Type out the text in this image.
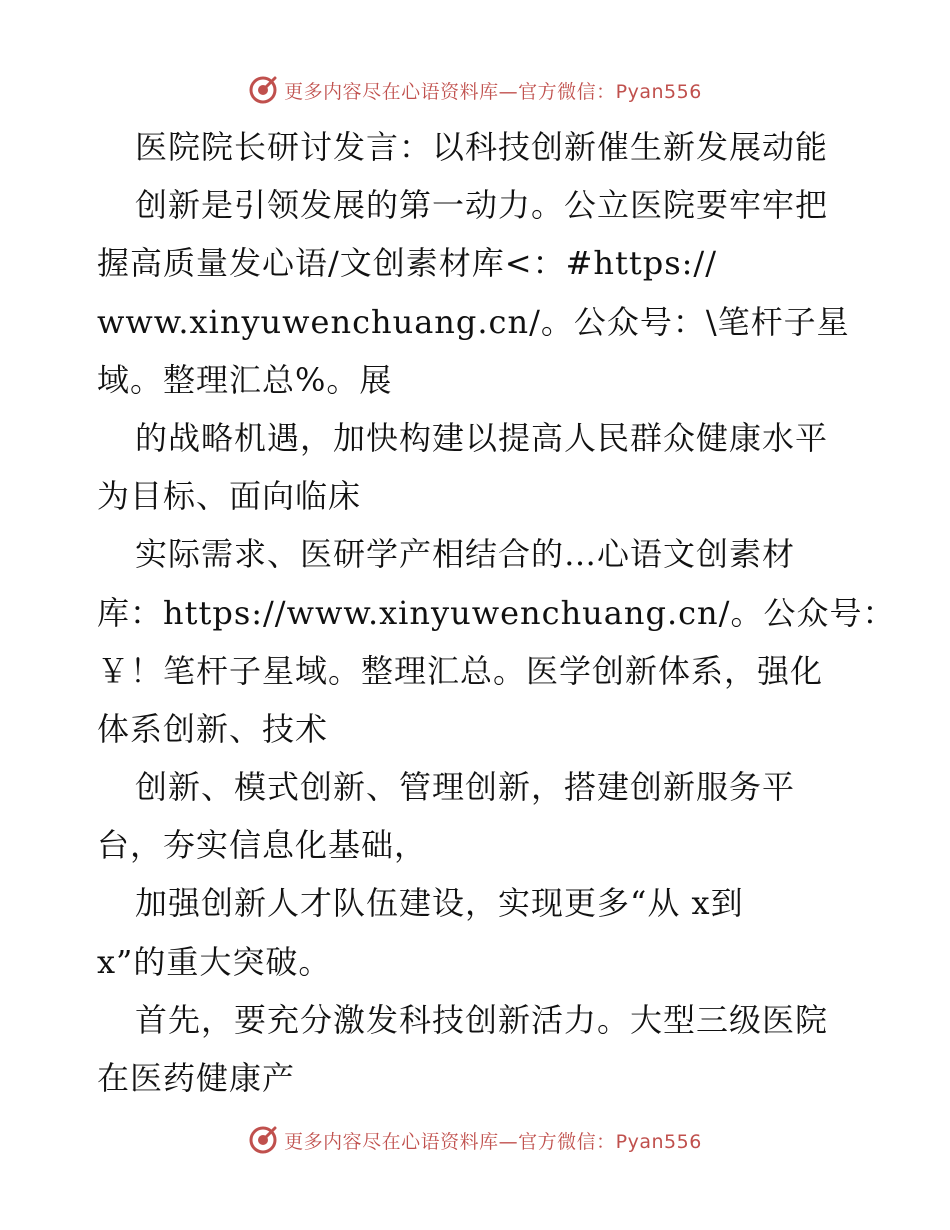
更多内容尽在心语资料库—官方微信：Pyan556
医院院长研讨发言：以科技创新催生新发展动能
创新是引领发展的第一动力。公立医院要牢牢把
握高质量发心语/文创素材库<：#https://
www.xinyuwenchuang.cn/。公众号：\笔杆子星
域。整理汇总%。展
的战略机遇，加快构建以提高人民群众健康水平
为目标、面向临床
实际需求、医研学产相结合的…心语文创素材
库：https://www.xinyuwenchuang.cn/。公众号：
￥！笔杆子星域。整理汇总。医学创新体系，强化
体系创新、技术
创新、模式创新、管理创新，搭建创新服务平
台，夯实信息化基础，
加强创新人才队伍建设，实现更多“从 x到
x”的重大突破。
首先，要充分激发科技创新活力。大型三级医院
在医药健康产
更多内容尽在心语资料库—官方微信：Pyan556
